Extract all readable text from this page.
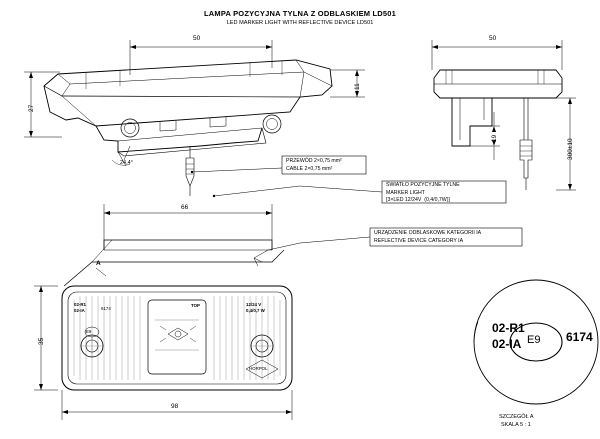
LAMPA POZYCYJNA TYLNA Z ODBLASKIEM LD501
LED MARKER LIGHT WITH REFLECTIVE DEVICE LD501
50
27
11
24,4°
50
19	300±10
PRZEWÓD 2×0,75 mm²
CABLE 2×0,75 mm²
ŚWIATŁO POZYCYJNE TYLNE
MARKER LIGHT
[3×LED 12/24V  (0,4/0,7W)]
URZĄDZENIE ODBLASKOWE KATEGORII IA
REFLECTIVE DEVICE CATEGORY IA
66
98
35
A
02-R1
02-IA
E9
6174
TOP	12/24 V
0,4/0,7 W
HORPOL
02-R1
02-IA E9 6174
SZCZEGÓŁ A
SKALA 5 : 1
